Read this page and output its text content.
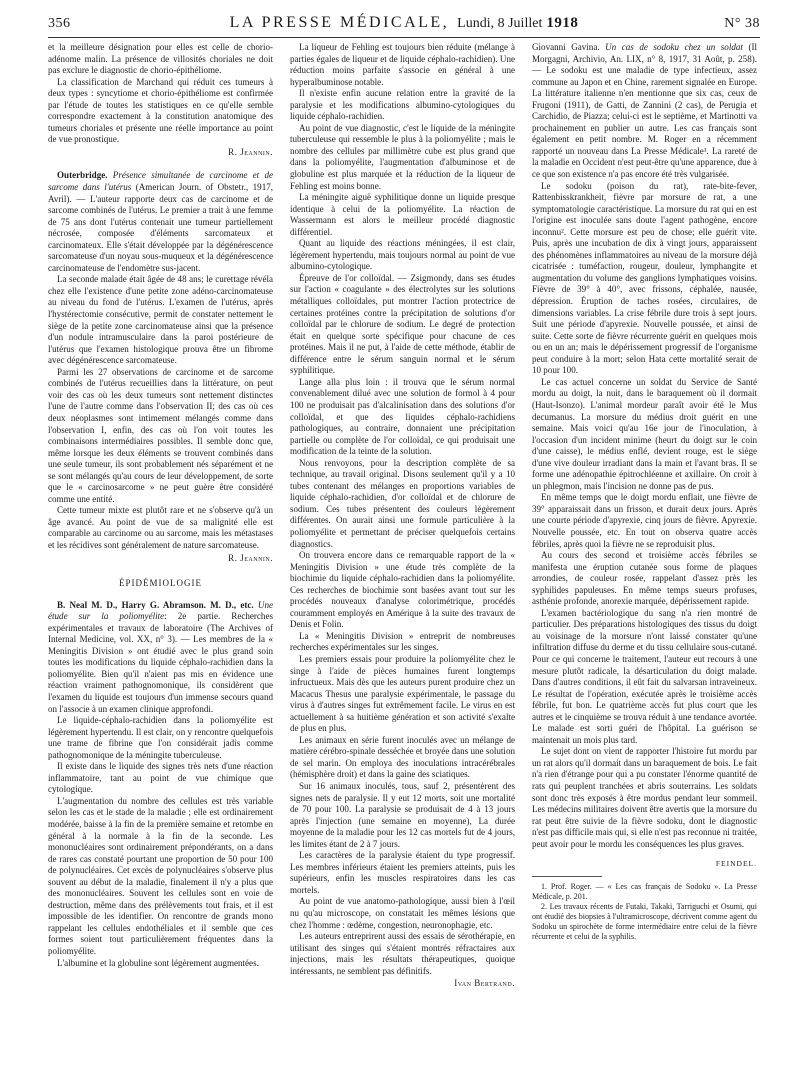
356	LA PRESSE MÉDICALE, Lundi, 8 Juillet 1918	N° 38

et la meilleure désignation pour elles est celle de chorio-adénome malin. La présence de villosités choriales ne doit pas exclure le diagnostic de chorio-épithéliome.

La classification de Marchand qui réduit ces tumeurs à deux types : syncytiome et chorio-épithéliome est confirmée par l'étude de toutes les statistiques en ce qu'elle semble correspondre exactement à la constitution anatomique des tumeurs choriales et présente une réelle importance au point de vue pronostique.

R. Jeannin.

Outerbridge. Présence simultanée de carcinome et de sarcome dans l'utérus (American Journ. of Obstetr., 1917, Avril). — L'auteur rapporte deux cas de carcinome et de sarcome combinés de l'utérus. Le premier a trait à une femme de 75 ans dont l'utérus contenait une tumeur partiellement nécrosée, composée d'éléments sarcomateux et carcinomateux. Elle s'était développée par la dégénérescence sarcomateuse d'un noyau sous-muqueux et la dégénérescence carcinomateuse de l'endomètre sus-jacent.

La seconde malade était âgée de 48 ans; le curettage révéla chez elle l'existence d'une petite zone adéno-carcinomateuse au niveau du fond de l'utérus. L'examen de l'utérus, après l'hystérectomie consécutive, permit de constater nettement le siège de la petite zone carcinomateuse ainsi que la présence d'un nodule intramusculaire dans la paroi postérieure de l'utérus que l'examen histologique prouva être un fibrome avec dégénérescence sarcomateuse.

Parmi les 27 observations de carcinome et de sarcome combinés de l'utérus recueillies dans la littérature, on peut voir des cas où les deux tumeurs sont nettement distinctes l'une de l'autre comme dans l'observation II; des cas où ces deux néoplasmes sont intimement mélangés comme dans l'observation I, enfin, des cas où l'on voit toutes les combinaisons intermédiaires possibles. Il semble donc que, même lorsque les deux éléments se trouvent combinés dans une seule tumeur, ils sont probablement nés séparément et ne se sont mélangés qu'au cours de leur développement, de sorte que le « carcinosarcome » ne peut guère être considéré comme une entité.

Cette tumeur mixte est plutôt rare et ne s'observe qu'à un âge avancé. Au point de vue de sa malignité elle est comparable au carcinome ou au sarcome, mais les métastases et les récidives sont généralement de nature sarcomateuse.

R. Jeannin.
ÉPIDÉMIOLOGIE

B. Neal M. D., Harry G. Abramson. M. D., etc. Une étude sur la poliomyélite: 2e partie. Recherches expérimentales et travaux de laboratoire (The Archives of Internal Medicine, vol. XX, n° 3). — Les membres de la « Meningitis Division » ont étudié avec le plus grand soin toutes les modifications du liquide céphalo-rachidien dans la poliomyélite. Bien qu'il n'aient pas mis en évidence une réaction vraiment pathognomonique, ils considèrent que l'examen du liquide est toujours d'un immense secours quand on l'associe à un examen clinique approfondi.

Le liquide-céphalo-rachidien dans la poliomyélite est légèrement hypertendu. Il est clair, on y rencontre quelquefois une trame de fibrine que l'on considérait jadis comme pathognomonique de la méningite tuberculeuse.

Il existe dans le liquide des signes très nets d'une réaction inflammatoire, tant au point de vue chimique que cytologique.

L'augmentation du nombre des cellules est très variable selon les cas et le stade de la maladie ; elle est ordinairement modérée, baisse à la fin de la première semaine et retombe en général à la normale à la fin de la seconde. Les mononucléaires sont ordinairement prépondérants, on a dans de rares cas constaté pourtant une proportion de 50 pour 100 de polynucléaires. Cet excès de polynucléaires s'observe plus souvent au début de la maladie, finalement il n'y a plus que des mononucléaires. Souvent les cellules sont en voie de destruction, même dans des prélèvements tout frais, et il est impossible de les identifier. On rencontre de grands mono rappelant les cellules endothéliales et il semble que ces formes soient tout particulièrement fréquentes dans la poliomyélite.

L'albumine et la globuline sont légèrement augmentées.

La liqueur de Fehling est toujours bien réduite (mélange à parties égales de liqueur et de liquide céphalo-rachidien). Une réduction moins parfaite s'associe en général à une hyperalbuminose notable.

Il n'existe enfin aucune relation entre la gravité de la paralysie et les modifications albumino-cytologiques du liquide céphalo-rachidien.

Au point de vue diagnostic, c'est le liquide de la méningite tuberculeuse qui ressemble le plus à la poliomyélite ; mais le nombre des cellules par millimètre cube est plus grand que dans la poliomyélite, l'augmentation d'albuminose et de globuline est plus marquée et la réduction de la liqueur de Fehling est moins bonne.

La méningite aiguë syphilitique donne un liquide presque identique à celui de la poliomyélite. La réaction de Wassermann est alors le meilleur procédé diagnostic différentiel.

Quant au liquide des réactions méningées, il est clair, légèrement hypertendu, mais toujours normal au point de vue albumino-cytologique.

Épreuve de l'or colloïdal. — Zsigmondy, dans ses études sur l'action « coagulante » des électrolytes sur les solutions métalliques colloïdales, put montrer l'action protectrice de certaines protéines contre la précipitation de solutions d'or colloïdal par le chlorure de sodium. Le degré de protection était en quelque sorte spécifique pour chacune de ces protéines. Mais il ne put, à l'aide de cette méthode, établir de différence entre le sérum sanguin normal et le sérum syphilitique.

Lange alla plus loin : il trouva que le sérum normal convenablement dilué avec une solution de formol à 4 pour 100 ne produisait pas d'alcalinisation dans des solutions d'or colloïdal, et que des liquides céphalo-rachidiens pathologiques, au contraire, donnaient une précipitation partielle ou complète de l'or colloïdal, ce qui produisait une modification de la teinte de la solution.

Nous renvoyons, pour la description complète de sa technique, au travail original. Disons seulement qu'il y a 10 tubes contenant des mélanges en proportions variables de liquide céphalo-rachidien, d'or colloïdal et de chlorure de sodium. Ces tubes présentent des couleurs légèrement différentes. On aurait ainsi une formule particulière à la poliomyélite et permettant de préciser quelquefois certains diagnostics.

On trouvera encore dans ce remarquable rapport de la « Meningitis Division » une étude très complète de la biochimie du liquide céphalo-rachidien dans la poliomyélite. Ces recherches de biochimie sont basées avant tout sur les procédés nouveaux d'analyse colorimétrique, procédés couramment employés en Amérique à la suite des travaux de Denis et Folin.

La « Meningitis Division » entreprit de nombreuses recherches expérimentales sur les singes.

Les premiers essais pour produire la poliomyélite chez le singe à l'aide de pièces humaines furent longtemps infructueux. Mais dès que les auteurs purent produire chez un Macacus Thesus une paralysie expérimentale, le passage du virus à d'autres singes fut extrêmement facile. Le virus en est actuellement à sa huitième génération et son activité s'exalte de plus en plus.

Les animaux en série furent inoculés avec un mélange de matière cérébro-spinale desséchée et broyée dans une solution de sel marin. On employa des inoculations intracérébrales (hémisphère droit) et dans la gaine des sciatiques.

Sur 16 animaux inoculés, tous, sauf 2, présentèrent des signes nets de paralysie. Il y eut 12 morts, soit une mortalité de 70 pour 100. La paralysie se produisait de 4 à 13 jours après l'injection (une semaine en moyenne), La durée moyenne de la maladie pour les 12 cas mortels fut de 4 jours, les limites étant de 2 à 7 jours.

Les caractères de la paralysie étaient du type progressif. Les membres inférieurs étaient les premiers atteints, puis les supérieurs, enfin les muscles respiratoires dans les cas mortels.

Au point de vue anatomo-pathologique, aussi bien à l'œil nu qu'au microscope, on constatait les mêmes lésions que chez l'homme : œdème, congestion, neuronophagie, etc.

Les auteurs entreprirent aussi des essais de sérothérapie, en utilisant des singes qui s'étaient montrés réfractaires aux injections, mais les résultats thérapeutiques, quoique intéressants, ne semblent pas définitifs.

Ivan Bertrand.

Giovanni Gavina. Un cas de sodoku chez un soldat (Il Morgagni, Archivio, An. LIX, n° 8, 1917, 31 Août, p. 258). — Le sodoku est une maladie de type infectieux, assez commune au Japon et en Chine, rarement signalée en Europe. La littérature italienne n'en mentionne que six cas, ceux de Frugoni (1911), de Gatti, de Zannini (2 cas), de Perugia et Carchidio, de Piazza; celui-ci est le septième, et Martinotti va prochainement en publier un autre. Les cas français sont également en petit nombre. M. Roger en a récemment rapporté un nouveau dans La Presse Médicale¹. La rareté de la maladie en Occident n'est peut-être qu'une apparence, due à ce que son existence n'a pas encore été très vulgarisée.

Le sodoku (poison du rat), rate-bite-fever, Rattenbisskrankheit, fièvre par morsure de rat, a une symptomatologie caractéristique. La morsure du rat qui en est l'origine est inoculée sans doute l'agent pathogène, encore inconnu². Cette morsure est peu de chose; elle guérit vite. Puis, après une incubation de dix à vingt jours, apparaissent des phénomènes inflammatoires au niveau de la morsure déjà cicatrisée : tuméfaction, rougeur, douleur, lymphangite et augmentation du volume des ganglions lymphatiques voisins. Fièvre de 39° à 40°, avec frissons, céphalée, nausée, dépression. Éruption de taches rosées, circulaires, de dimensions variables. La crise fébrile dure trois à sept jours. Suit une période d'apyrexie. Nouvelle poussée, et ainsi de suite. Cette sorte de fièvre récurrente guérit en quelques mois ou en un an; mais le dépérissement progressif de l'organisme peut conduire à la mort; selon Hata cette mortalité serait de 10 pour 100.

Le cas actuel concerne un soldat du Service de Santé mordu au doigt, la nuit, dans le baraquement où il dormait (Haut-Isonzo). L'animal mordeur paraît avoir été le Mus decumanus. La morsure du médius droit guérit en une semaine. Mais voici qu'au 16e jour de l'inoculation, à l'occasion d'un incident minime (heurt du doigt sur le coin d'une caisse), le médius enflé, devient rouge, est le siège d'une vive douleur irradiant dans la main et l'avant bras. Il se forme une adénopathie épitrochléenne et axillaire. On croit à un phlegmon, mais l'incision ne donne pas de pus.

En même temps que le doigt mordu enflait, une fièvre de 39° apparaissait dans un frisson, et durait deux jours. Après une courte période d'apyrexie, cinq jours de fièvre. Apyrexie. Nouvelle poussée, etc. En tout on observa quatre accès fébriles, après quoi la fièvre ne se reproduisit plus.

Au cours des second et troisième accès fébriles se manifesta une éruption cutanée sous forme de plaques arrondies, de couleur rosée, rappelant d'assez près les syphilides papuleuses. En même temps sueurs profuses, asthénie profonde, anorexie marquée, dépérissement rapide.

L'examen bactériologique du sang n'a rien montré de particulier. Des préparations histologiques des tissus du doigt au voisinage de la morsure n'ont laissé constater qu'une infiltration diffuse du derme et du tissu cellulaire sous-cutané. Pour ce qui concerne le traitement, l'auteur eut recours à une mesure plutôt radicale, la désarticulation du doigt malade. Dans d'autres conditions, il eût fait du salvarsan intraveineux. Le résultat de l'opération, exécutée après le troisième accès fébrile, fut bon. Le quatrième accès fut plus court que les autres et le cinquième se trouva réduit à une tendance avortée. Le malade est sorti guéri de l'hôpital. La guérison se maintenait un mois plus tard.

Le sujet dont on vient de rapporter l'histoire fut mordu par un rat alors qu'il dormait dans un baraquement de bois. Le fait n'a rien d'étrange pour qui a pu constater l'énorme quantité de rats qui peuplent tranchées et abris souterrains. Les soldats sont donc très exposés à être mordus pendant leur sommeil. Les médecins militaires doivent être avertis que la morsure du rat peut être suivie de la fièvre sodoku, dont le diagnostic n'est pas difficile mais qui, si elle n'est pas reconnue ni traitée, peut avoir pour le mordu les conséquences les plus graves.

FEINDEL.

1. Prof. Roger. — « Les cas français de Sodoku ». La Presse Médicale, p. 201.

2. Les travaux récents de Futaki, Takaki, Tarriguchi et Osumi, qui ont étudié des biopsies à l'ultramicroscope, décrivent comme agent du Sodoku un spirochète de forme intermédiaire entre celui de la fièvre récurrente et celui de la syphilis.
